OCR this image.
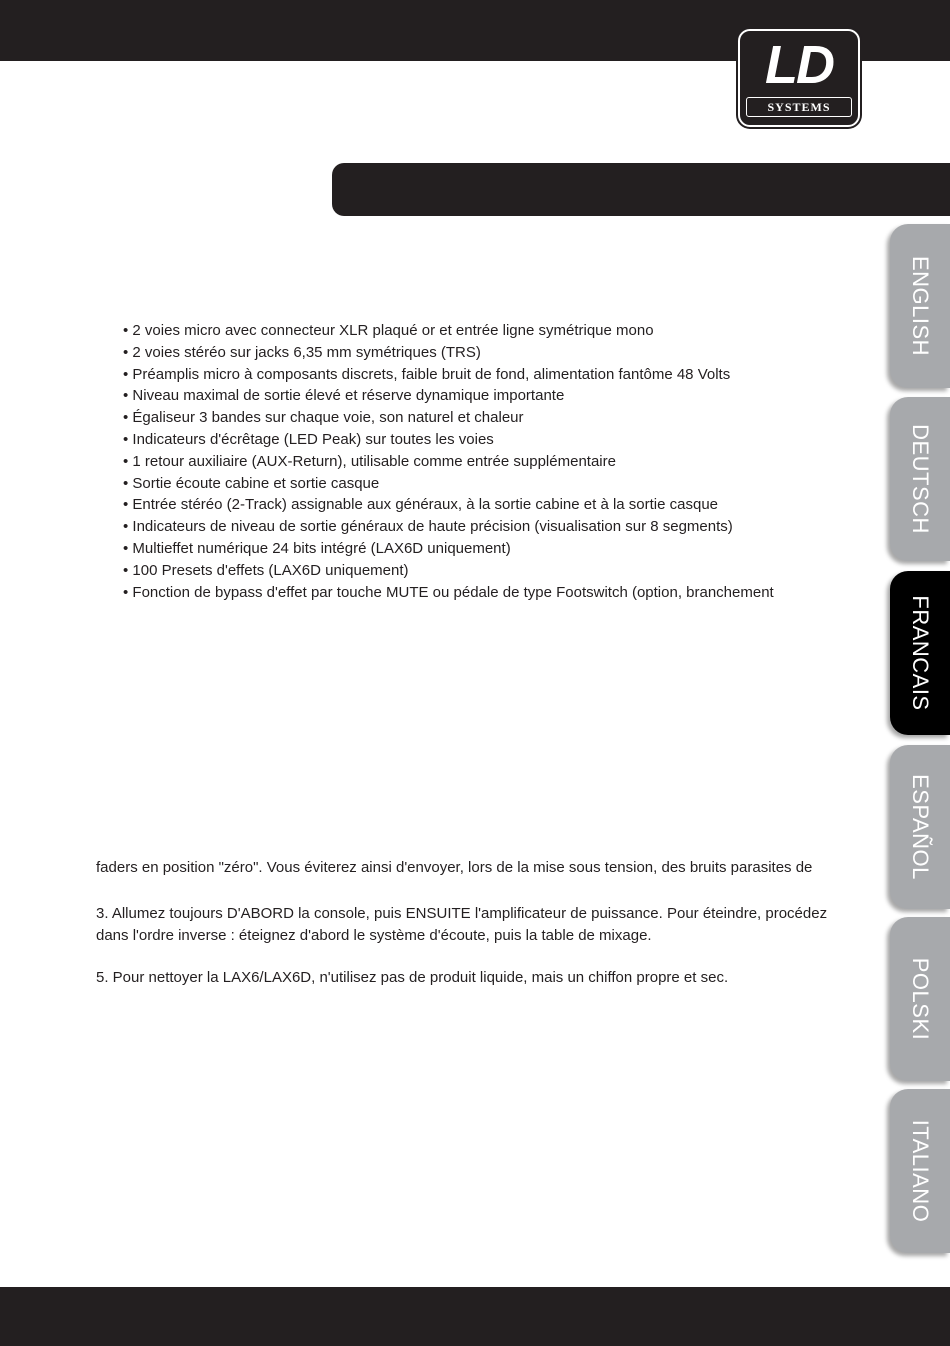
LD
SYSTEMS
• 2 voies micro avec connecteur XLR plaqué or et entrée ligne symétrique mono
• 2 voies stéréo sur jacks 6,35 mm symétriques (TRS)
• Préamplis micro à composants discrets, faible bruit de fond, alimentation fantôme 48 Volts
• Niveau maximal de sortie élevé et réserve dynamique importante
• Égaliseur 3 bandes sur chaque voie, son naturel et chaleur
• Indicateurs d'écrêtage (LED Peak) sur toutes les voies
• 1 retour auxiliaire (AUX-Return), utilisable comme entrée supplémentaire
• Sortie écoute cabine et sortie casque
• Entrée stéréo (2-Track) assignable aux généraux, à la sortie cabine et à la sortie casque
• Indicateurs de niveau de sortie généraux de haute précision (visualisation sur 8 segments)
• Multieffet numérique 24 bits intégré (LAX6D uniquement)
• 100 Presets d'effets (LAX6D uniquement)
• Fonction de bypass d'effet par touche MUTE ou pédale de type Footswitch (option, branchement

faders en position "zéro". Vous éviterez ainsi d'envoyer, lors de la mise sous tension, des bruits parasites de

3. Allumez toujours D'ABORD la console, puis ENSUITE l'amplificateur de puissance. Pour éteindre, procédez

dans l'ordre inverse : éteignez d'abord le système d'écoute, puis la table de mixage.

5. Pour nettoyer la LAX6/LAX6D, n'utilisez pas de produit liquide, mais un chiffon propre et sec.

ENGLISH
DEUTSCH
FRANCAIS
ESPAÑOL
POLSKI
ITALIANO
